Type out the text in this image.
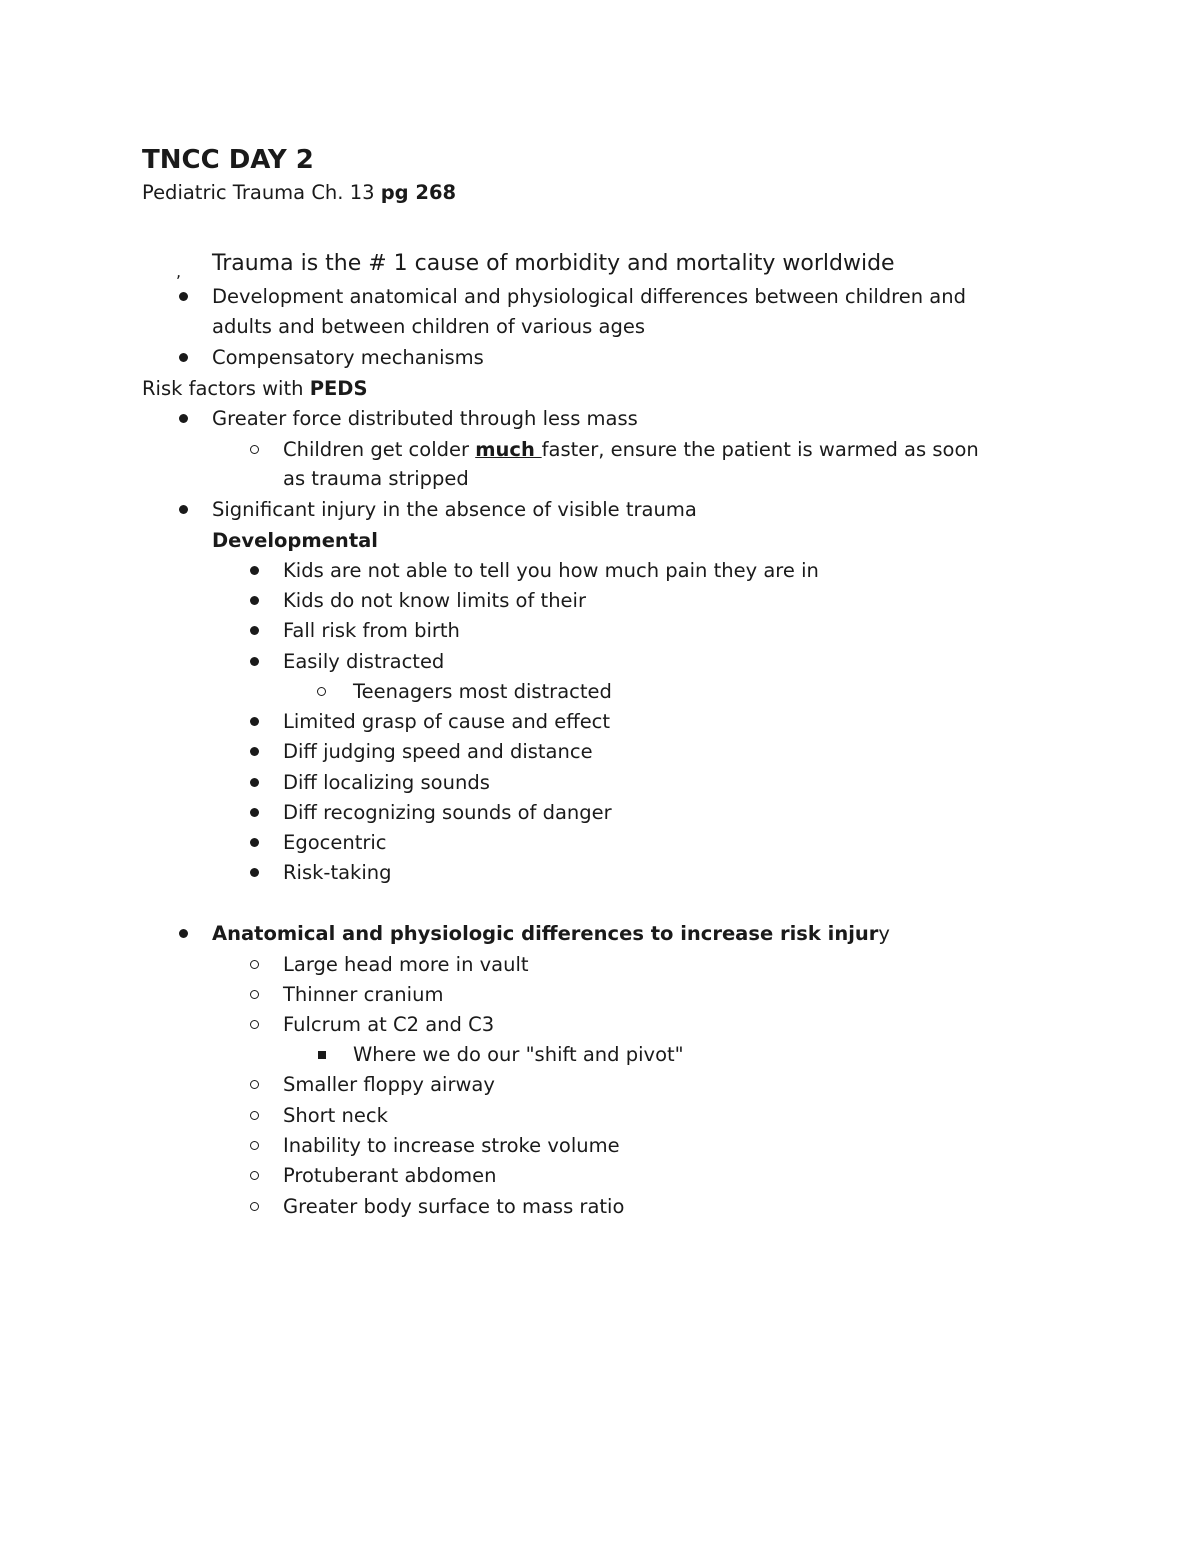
TNCC DAY 2
Pediatric Trauma Ch. 13 pg 268
, Trauma is the # 1 cause of morbidity and mortality worldwide
Development anatomical and physiological differences between children and
adults and between children of various ages
Compensatory mechanisms
Risk factors with PEDS
Greater force distributed through less mass
Children get colder much faster, ensure the patient is warmed as soon
as trauma stripped
Significant injury in the absence of visible trauma
Developmental
Kids are not able to tell you how much pain they are in
Kids do not know limits of their
Fall risk from birth
Easily distracted
Teenagers most distracted
Limited grasp of cause and effect
Diff judging speed and distance
Diff localizing sounds
Diff recognizing sounds of danger
Egocentric
Risk-taking
Anatomical and physiologic differences to increase risk injury
Large head more in vault
Thinner cranium
Fulcrum at C2 and C3
Where we do our "shift and pivot"
Smaller floppy airway
Short neck
Inability to increase stroke volume
Protuberant abdomen
Greater body surface to mass ratio
